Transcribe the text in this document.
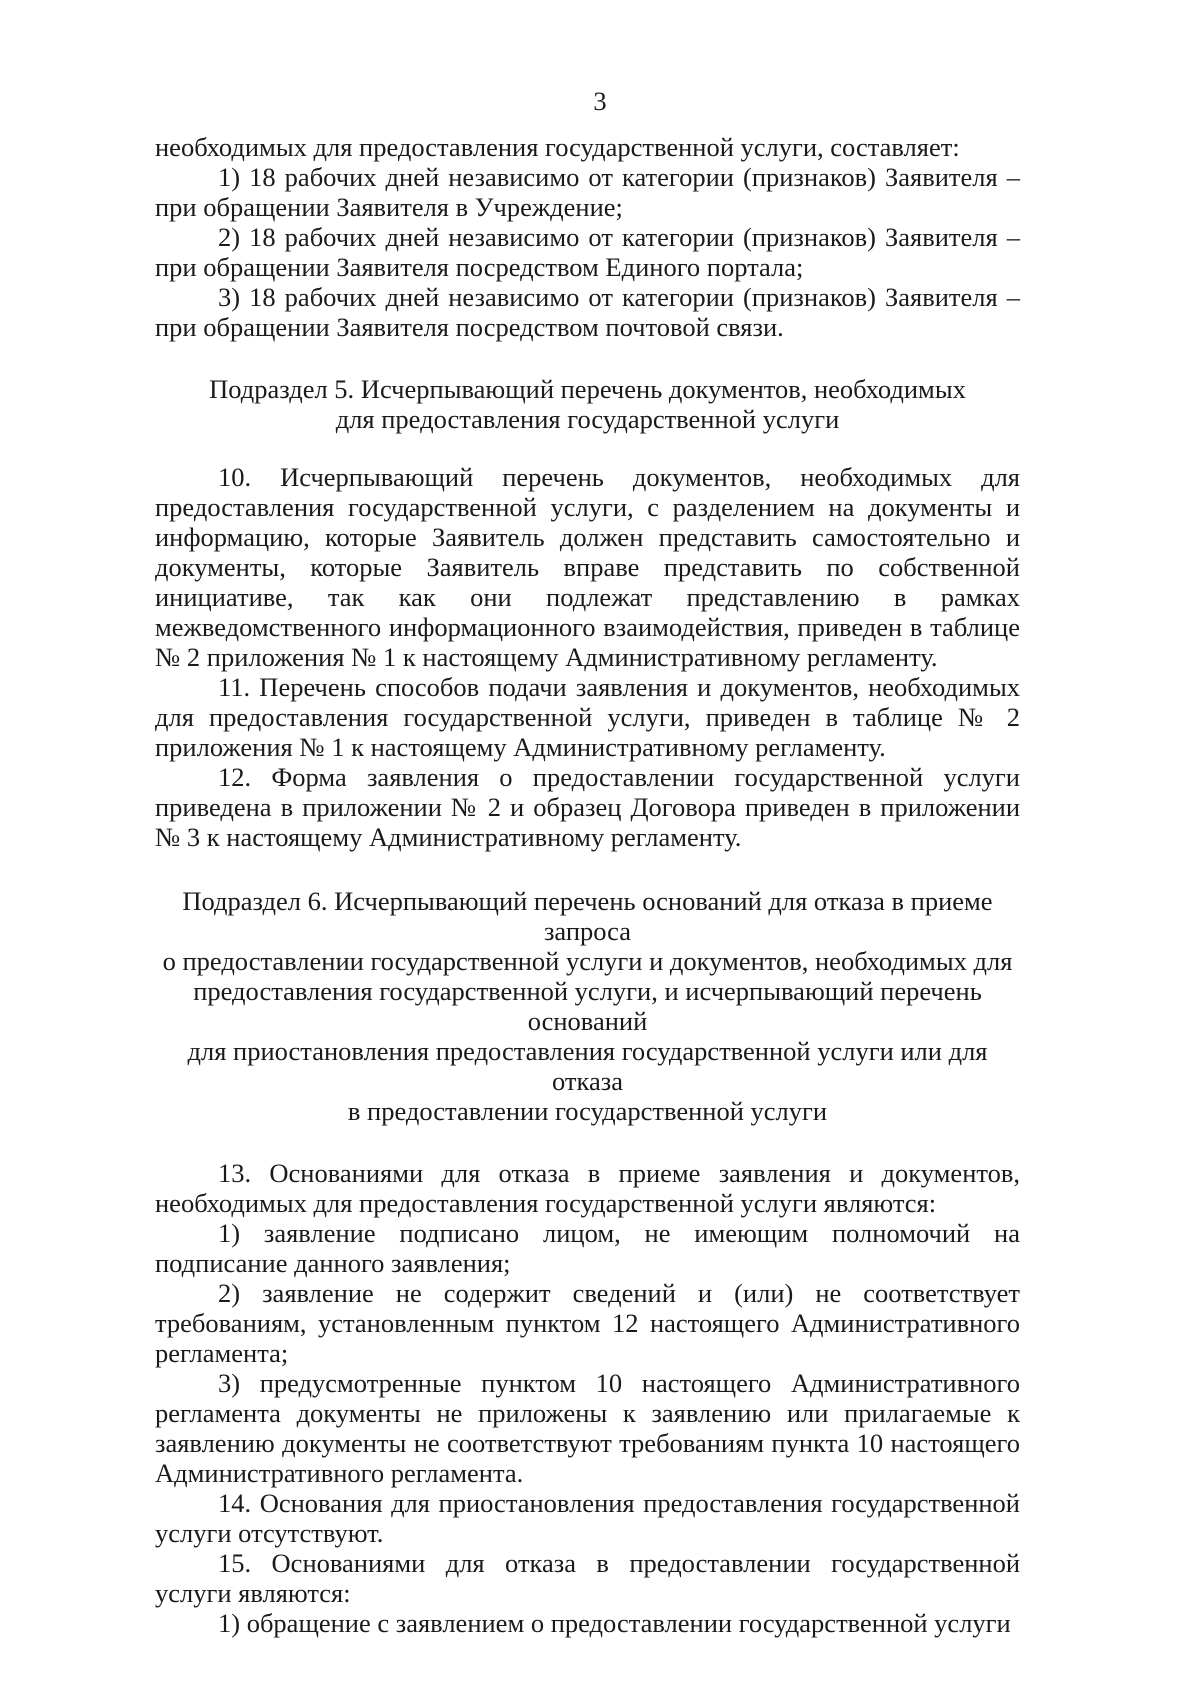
3

необходимых для предоставления государственной услуги, составляет:

1) 18 рабочих дней независимо от категории (признаков) Заявителя – при обращении Заявителя в Учреждение;

2) 18 рабочих дней независимо от категории (признаков) Заявителя – при обращении Заявителя посредством Единого портала;

3) 18 рабочих дней независимо от категории (признаков) Заявителя – при обращении Заявителя посредством почтовой связи.

Подраздел 5. Исчерпывающий перечень документов, необходимых
для предоставления государственной услуги

10. Исчерпывающий перечень документов, необходимых для предоставления государственной услуги, с разделением на документы и информацию, которые Заявитель должен представить самостоятельно и документы, которые Заявитель вправе представить по собственной инициативе, так как они подлежат представлению в рамках межведомственного информационного взаимодействия, приведен в таблице № 2 приложения № 1 к настоящему Административному регламенту.

11. Перечень способов подачи заявления и документов, необходимых для предоставления государственной услуги, приведен в таблице № 2 приложения № 1 к настоящему Административному регламенту.

12. Форма заявления о предоставлении государственной услуги приведена в приложении № 2 и образец Договора приведен в приложении № 3 к настоящему Административному регламенту.

Подраздел 6. Исчерпывающий перечень оснований для отказа в приеме запроса
о предоставлении государственной услуги и документов, необходимых для
предоставления государственной услуги, и исчерпывающий перечень оснований
для приостановления предоставления государственной услуги или для отказа
в предоставлении государственной услуги

13. Основаниями для отказа в приеме заявления и документов, необходимых для предоставления государственной услуги являются:

1) заявление подписано лицом, не имеющим полномочий на подписание данного заявления;

2) заявление не содержит сведений и (или) не соответствует требованиям, установленным пунктом 12 настоящего Административного регламента;

3) предусмотренные пунктом 10 настоящего Административного регламента документы не приложены к заявлению или прилагаемые к заявлению документы не соответствуют требованиям пункта 10 настоящего Административного регламента.

14. Основания для приостановления предоставления государственной услуги отсутствуют.

15. Основаниями для отказа в предоставлении государственной услуги являются:

1) обращение с заявлением о предоставлении государственной услуги
